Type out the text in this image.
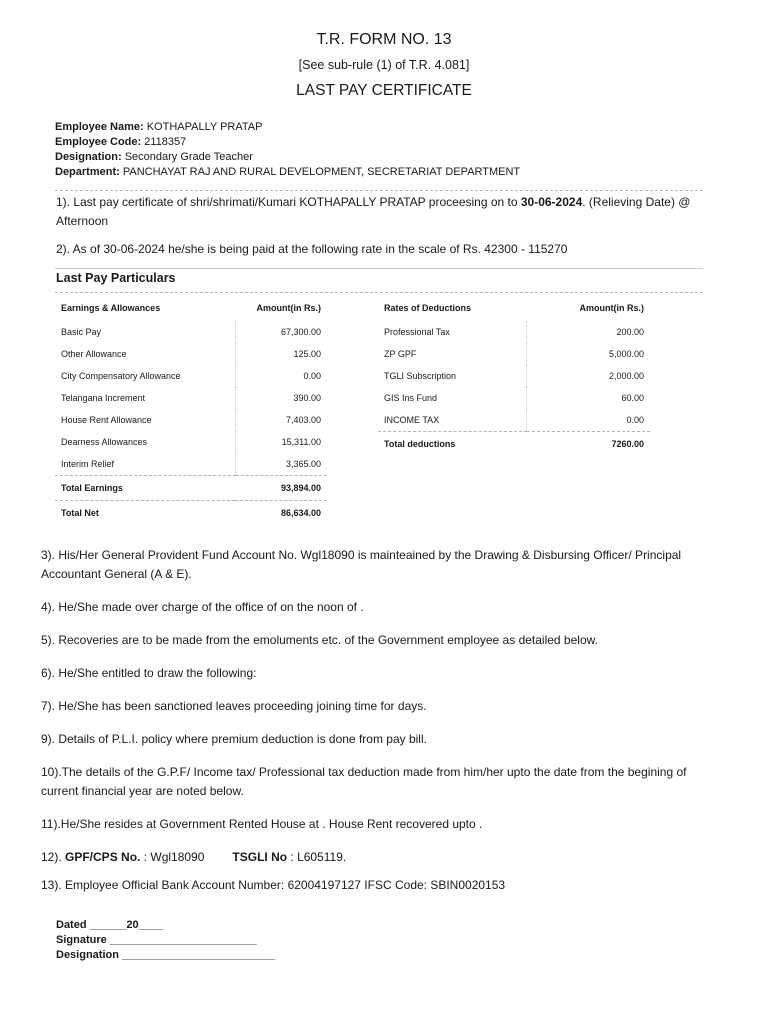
T.R. FORM NO. 13
[See sub-rule (1) of T.R. 4.081]
LAST PAY CERTIFICATE
Employee Name: KOTHAPALLY PRATAP
Employee Code: 2118357
Designation: Secondary Grade Teacher
Department: PANCHAYAT RAJ AND RURAL DEVELOPMENT, SECRETARIAT DEPARTMENT
1). Last pay certificate of shri/shrimati/Kumari KOTHAPALLY PRATAP proceesing on to 30-06-2024. (Relieving Date) @ Afternoon
2). As of 30-06-2024 he/she is being paid at the following rate in the scale of Rs. 42300 - 115270
Last Pay Particulars
Earnings & Allowances	Amount(in Rs.)
Basic Pay	67,300.00
Other Allowance	125.00
City Compensatory Allowance	0.00
Telangana Increment	390.00
House Rent Allowance	7,403.00
Dearness Allowances	15,311.00
Interim Relief	3,365.00
Total Earnings	93,894.00
Total Net	86,634.00
Rates of Deductions	Amount(in Rs.)
Professional Tax	200.00
ZP GPF	5,000.00
TGLI Subscription	2,000.00
GIS Ins Fund	60.00
INCOME TAX	0.00
Total deductions	7260.00
3). His/Her General Provident Fund Account No. Wgl18090 is mainteained by the Drawing & Disbursing Officer/ Principal Accountant General (A & E).
4). He/She made over charge of the office of on the noon of .
5). Recoveries are to be made from the emoluments etc. of the Government employee as detailed below.
6). He/She entitled to draw the following:
7). He/She has been sanctioned leaves proceeding joining time for days.
9). Details of P.L.I. policy where premium deduction is done from pay bill.
10).The details of the G.P.F/ Income tax/ Professional tax deduction made from him/her upto the date from the begining of current financial year are noted below.
11).He/She resides at Government Rented House at . House Rent recovered upto .
12). GPF/CPS No. : Wgl18090 TSGLI No : L605119.
13). Employee Official Bank Account Number: 62004197127 IFSC Code: SBIN0020153
Dated ______20____
Signature ________________________
Designation _________________________
